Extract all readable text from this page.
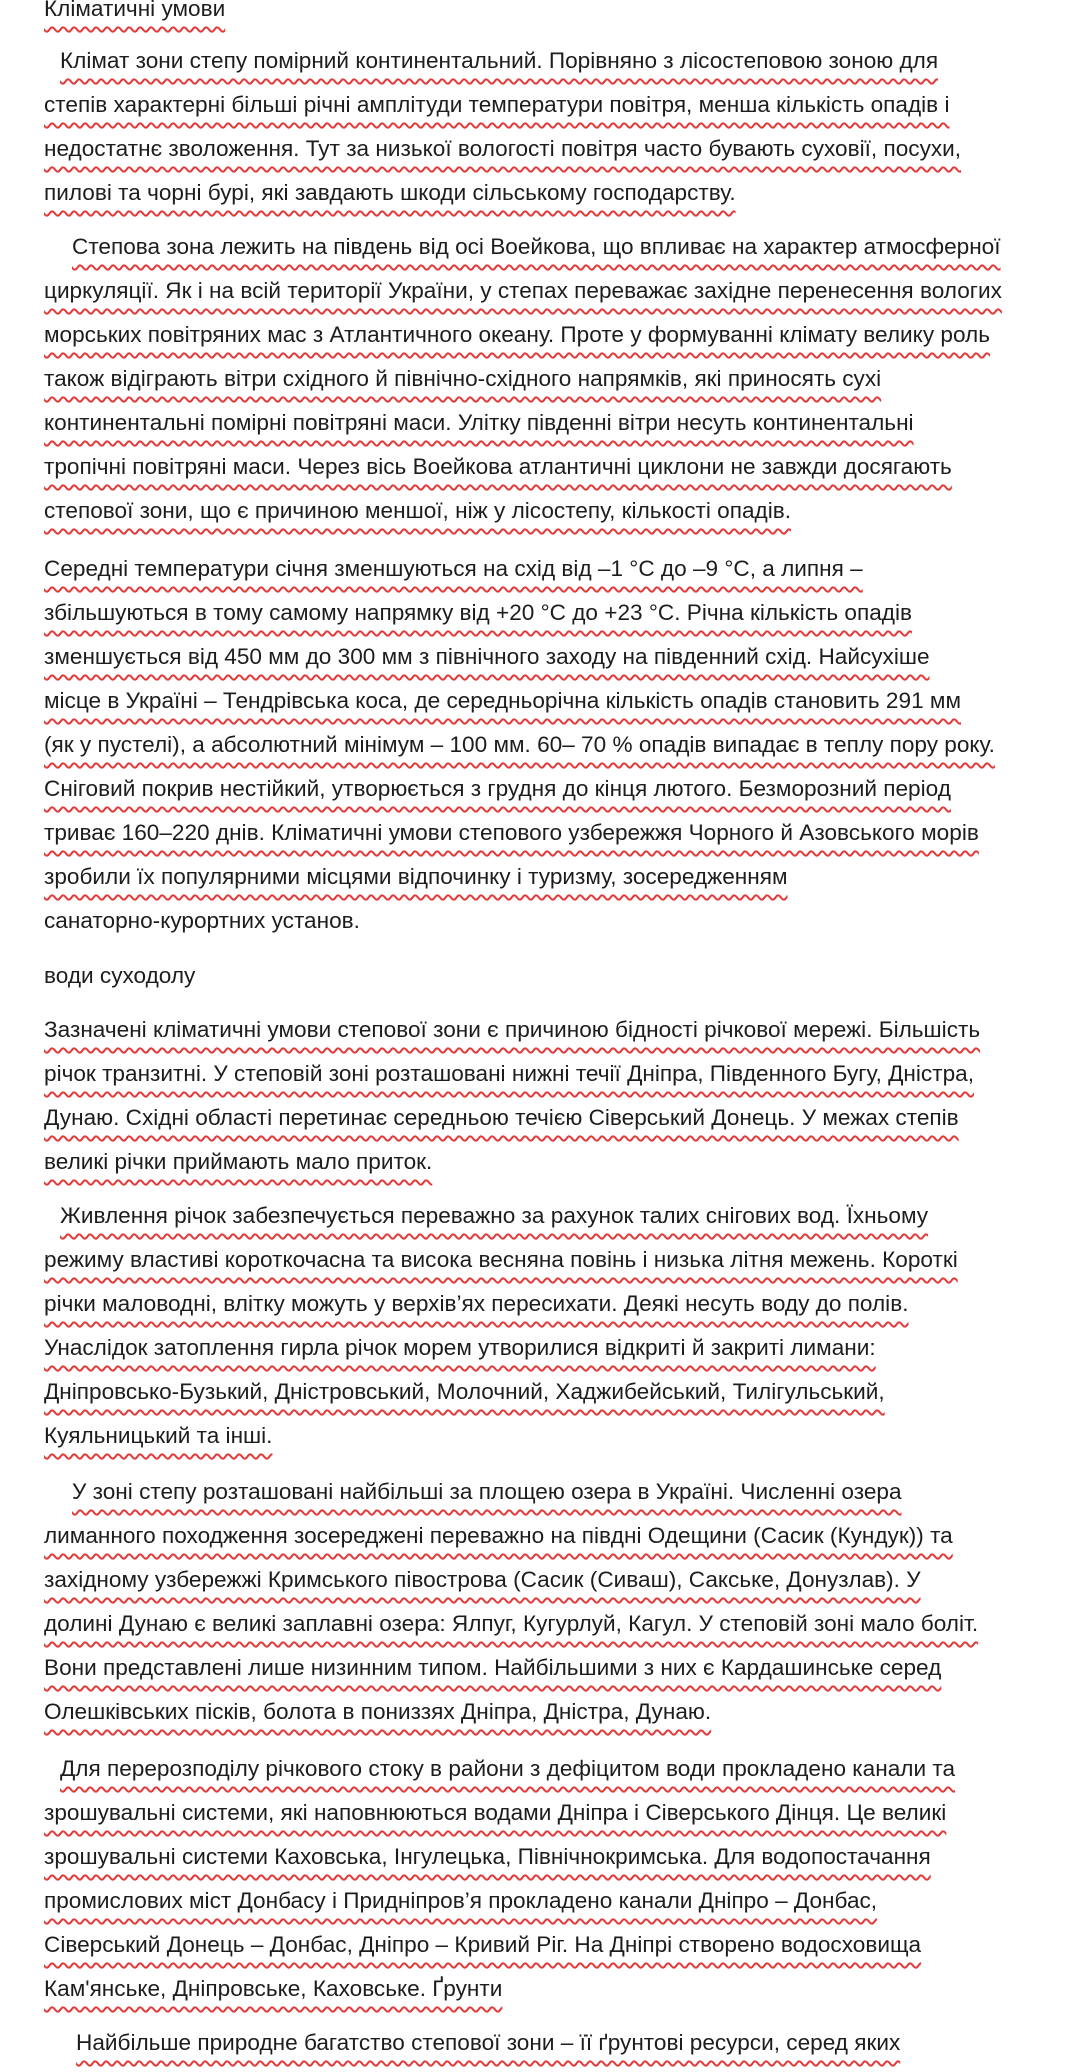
Кліматичні умови
Клімат зони степу помірний континентальний. Порівняно з лісостеповою зоною для
степів характерні більші річні амплітуди температури повітря, менша кількість опадів і
недостатнє зволоження. Тут за низької вологості повітря часто бувають суховії, посухи,
пилові та чорні бурі, які завдають шкоди сільському господарству.
Степова зона лежить на південь від осі Воейкова, що впливає на характер атмосферної
циркуляції. Як і на всій території України, у степах переважає західне перенесення вологих
морських повітряних мас з Атлантичного океану. Проте у формуванні клімату велику роль
також відіграють вітри східного й північно-східного напрямків, які приносять сухі
континентальні помірні повітряні маси. Улітку південні вітри несуть континентальні
тропічні повітряні маси. Через вісь Воейкова атлантичні циклони не завжди досягають
степової зони, що є причиною меншої, ніж у лісостепу, кількості опадів.
Середні температури січня зменшуються на схід від –1 °С до –9 °С, а липня –
збільшуються в тому самому напрямку від +20 °С до +23 °С. Річна кількість опадів
зменшується від 450 мм до 300 мм з північного заходу на південний схід. Найсухіше
місце в Україні – Тендрівська коса, де середньорічна кількість опадів становить 291 мм
(як у пустелі), а абсолютний мінімум – 100 мм. 60– 70 % опадів випадає в теплу пору року.
Сніговий покрив нестійкий, утворюється з грудня до кінця лютого. Безморозний період
триває 160–220 днів. Кліматичні умови степового узбережжя Чорного й Азовського морів
зробили їх популярними місцями відпочинку і туризму, зосередженням
санаторно-курортних установ.
води суходолу
Зазначені кліматичні умови степової зони є причиною бідності річкової мережі. Більшість
річок транзитні. У степовій зоні розташовані нижні течії Дніпра, Південного Бугу, Дністра,
Дунаю. Східні області перетинає середньою течією Сіверський Донець. У межах степів
великі річки приймають мало приток.
Живлення річок забезпечується переважно за рахунок талих снігових вод. Їхньому
режиму властиві короткочасна та висока весняна повінь і низька літня межень. Короткі
річки маловодні, влітку можуть у верхів’ях пересихати. Деякі несуть воду до полів.
Унаслідок затоплення гирла річок морем утворилися відкриті й закриті лимани:
Дніпровсько-Бузький, Дністровський, Молочний, Хаджибейський, Тилігульський,
Куяльницький та інші.
У зоні степу розташовані найбільші за площею озера в Україні. Численні озера
лиманного походження зосереджені переважно на півдні Одещини (Сасик (Кундук)) та
західному узбережжі Кримського півострова (Сасик (Сиваш), Сакське, Донузлав). У
долині Дунаю є великі заплавні озера: Ялпуг, Кугурлуй, Кагул. У степовій зоні мало боліт.
Вони представлені лише низинним типом. Найбільшими з них є Кардашинське серед
Олешківських пісків, болота в пониззях Дніпра, Дністра, Дунаю.
Для перерозподілу річкового стоку в райони з дефіцитом води прокладено канали та
зрошувальні системи, які наповнюються водами Дніпра і Сіверського Дінця. Це великі
зрошувальні системи Каховська, Інгулецька, Північнокримська. Для водопостачання
промислових міст Донбасу і Придніпров’я прокладено канали Дніпро – Донбас,
Сіверський Донець – Донбас, Дніпро – Кривий Ріг. На Дніпрі створено водосховища
Кам'янське, Дніпровське, Каховське. Ґрунти
Найбільше природне багатство степової зони – її ґрунтові ресурси, серед яких
